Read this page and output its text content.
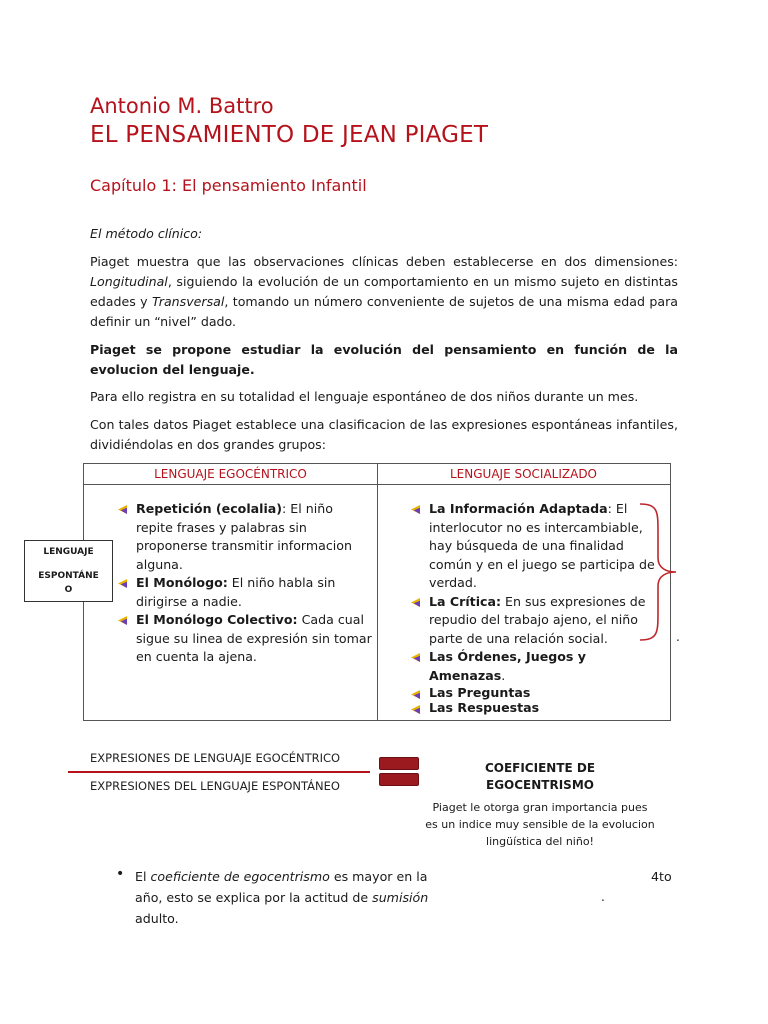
Antonio M. Battro
EL PENSAMIENTO DE JEAN PIAGET
Capítulo 1: El pensamiento Infantil
El método clínico:
Piaget muestra que las observaciones clínicas deben establecerse en dos dimensiones: Longitudinal, siguiendo la evolución de un comportamiento en un mismo sujeto en distintas edades y Transversal, tomando un número conveniente de sujetos de una misma edad para definir un “nivel” dado.
Piaget se propone estudiar la evolución del pensamiento en función de la evolucion del lenguaje.
Para ello registra en su totalidad el lenguaje espontáneo de dos niños durante un mes.
Con tales datos Piaget establece una clasificacion de las expresiones espontáneas infantiles, dividiéndolas en dos grandes grupos:
LENGUAJE EGOCÉNTRICO	LENGUAJE SOCIALIZADO
Repetición (ecolalia): El niño repite frases y palabras sin proponerse transmitir informacion alguna.
El Monólogo: El niño habla sin dirigirse a nadie.
El Monólogo Colectivo: Cada cual sigue su linea de expresión sin tomar en cuenta la ajena.
La Información Adaptada: El interlocutor no es intercambiable, hay búsqueda de una finalidad común y en el juego se participa de verdad.
La Crítica: En sus expresiones de repudio del trabajo ajeno, el niño parte de una relación social.
Las Órdenes, Juegos y Amenazas.
Las Preguntas
Las Respuestas
.
LENGUAJE
ESPONTÁNE
O
EXPRESIONES DE LENGUAJE EGOCÉNTRICO
EXPRESIONES DEL LENGUAJE ESPONTÁNEO
COEFICIENTE DE
EGOCENTRISMO
Piaget le otorga gran importancia pues es un indice muy sensible de la evolucion lingüística del niño!
• El coeficiente de egocentrismo es mayor en la
año, esto se explica por la actitud de sumisión
adulto.
4to
.
